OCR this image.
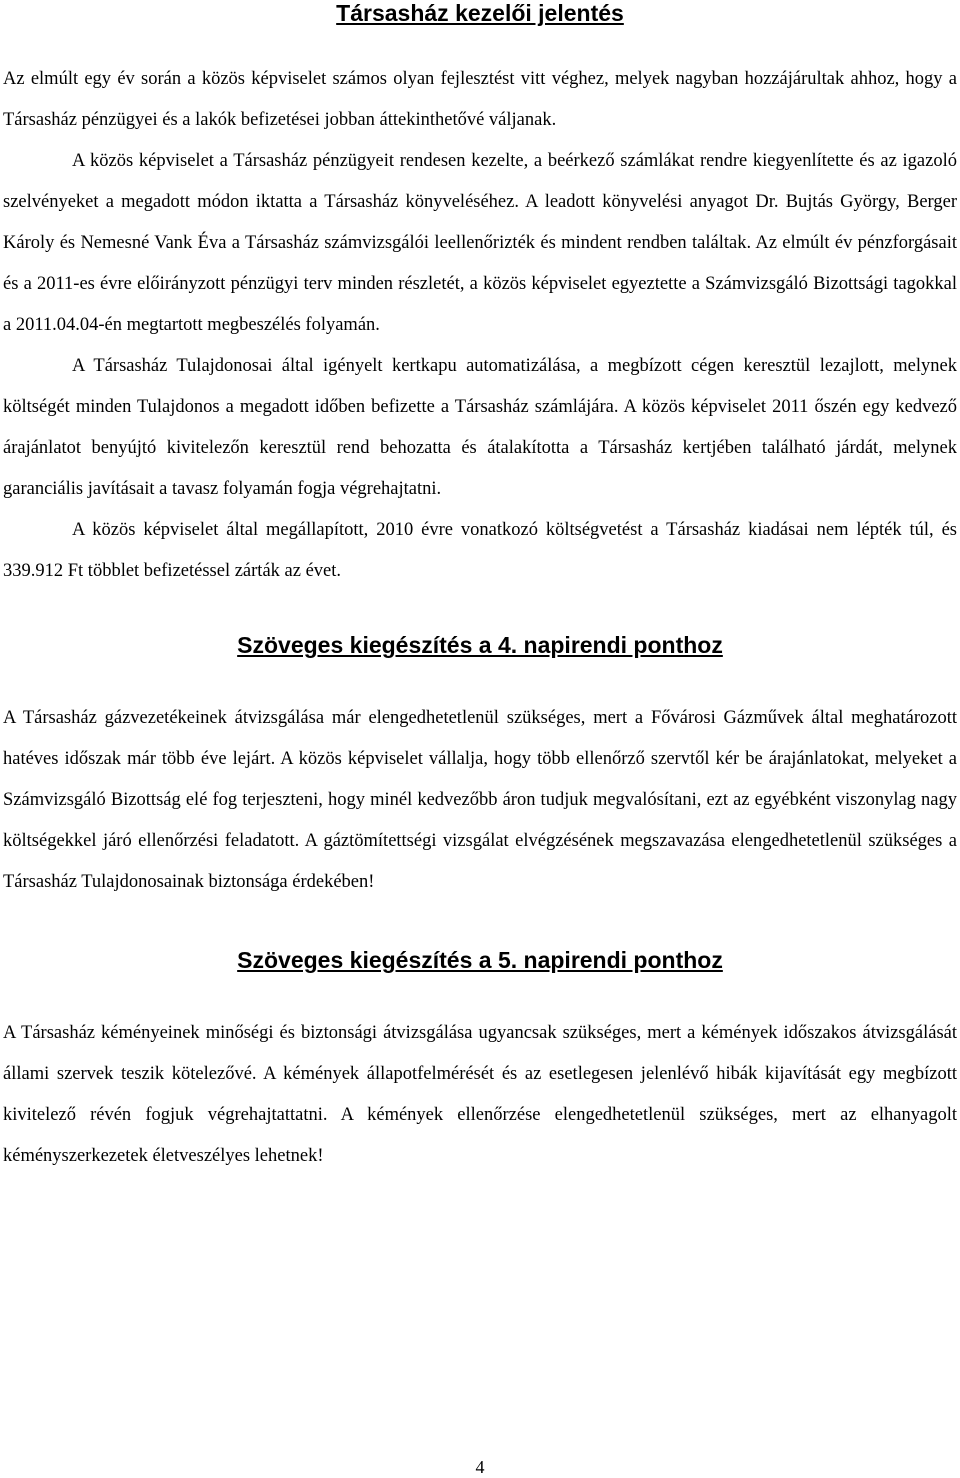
Társasház kezelői jelentés

Az elmúlt egy év során a közös képviselet számos olyan fejlesztést vitt véghez, melyek nagyban hozzájárultak ahhoz, hogy a Társasház pénzügyei és a lakók befizetései jobban áttekinthetővé váljanak.

A közös képviselet a Társasház pénzügyeit rendesen kezelte, a beérkező számlákat rendre kiegyenlítette és az igazoló szelvényeket a megadott módon iktatta a Társasház könyveléséhez. A leadott könyvelési anyagot Dr. Bujtás György, Berger Károly és Nemesné Vank Éva a Társasház számvizsgálói leellenőrizték és mindent rendben találtak. Az elmúlt év pénzforgásait és a 2011-es évre előirányzott pénzügyi terv minden részletét, a közös képviselet egyeztette a Számvizsgáló Bizottsági tagokkal a 2011.04.04-én megtartott megbeszélés folyamán.

A Társasház Tulajdonosai által igényelt kertkapu automatizálása, a megbízott cégen keresztül lezajlott, melynek költségét minden Tulajdonos a megadott időben befizette a Társasház számlájára. A közös képviselet 2011 őszén egy kedvező árajánlatot benyújtó kivitelezőn keresztül rend behozatta és átalakította a Társasház kertjében található járdát, melynek garanciális javításait a tavasz folyamán fogja végrehajtatni.

A közös képviselet által megállapított, 2010 évre vonatkozó költségvetést a Társasház kiadásai nem lépték túl, és 339.912 Ft többlet befizetéssel zárták az évet.

Szöveges kiegészítés a 4. napirendi ponthoz

A Társasház gázvezetékeinek átvizsgálása már elengedhetetlenül szükséges, mert a Fővárosi Gázművek által meghatározott hatéves időszak már több éve lejárt. A közös képviselet vállalja, hogy több ellenőrző szervtől kér be árajánlatokat, melyeket a Számvizsgáló Bizottság elé fog terjeszteni, hogy minél kedvezőbb áron tudjuk megvalósítani, ezt az egyébként viszonylag nagy költségekkel járó ellenőrzési feladatott. A gáztömítettségi vizsgálat elvégzésének megszavazása elengedhetetlenül szükséges a Társasház Tulajdonosainak biztonsága érdekében!

Szöveges kiegészítés a 5. napirendi ponthoz

A Társasház kéményeinek minőségi és biztonsági átvizsgálása ugyancsak szükséges, mert a kémények időszakos átvizsgálását állami szervek teszik kötelezővé. A kémények állapotfelmérését és az esetlegesen jelenlévő hibák kijavítását egy megbízott kivitelező révén fogjuk végrehajtattatni. A kémények ellenőrzése elengedhetetlenül szükséges, mert az elhanyagolt kéményszerkezetek életveszélyes lehetnek!

4
